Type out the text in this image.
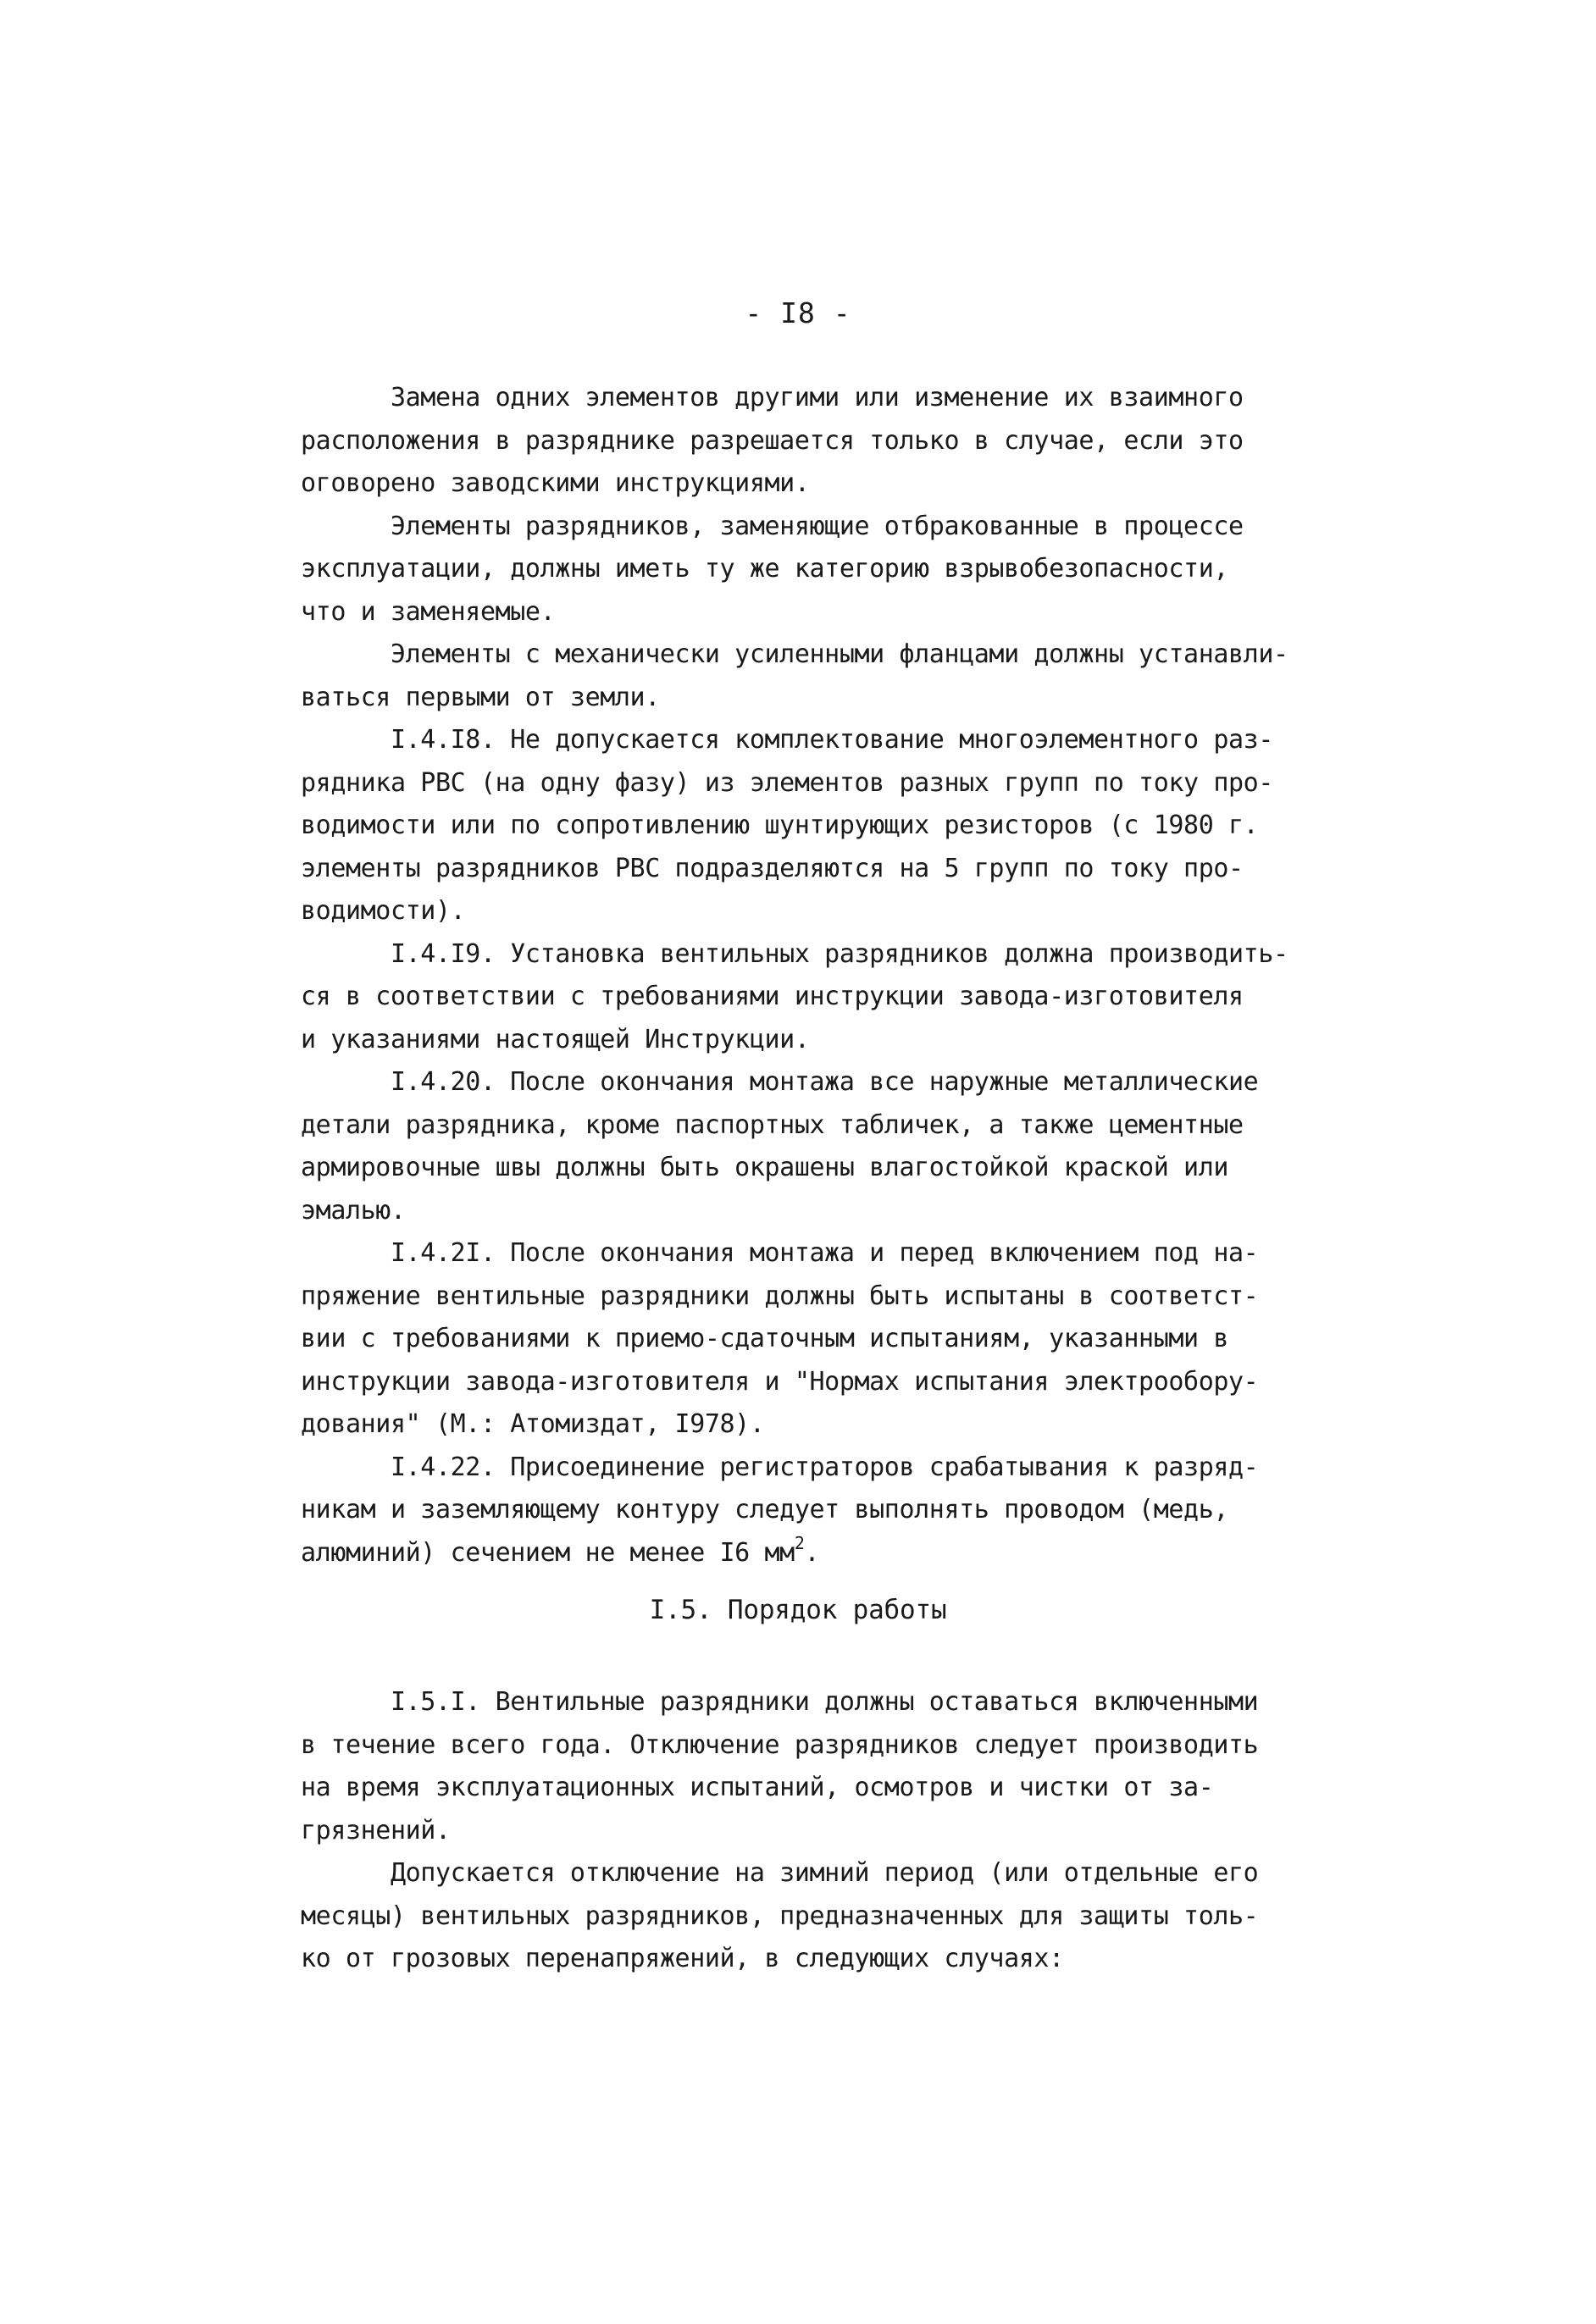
- I8 -
Замена одних элементов другими или изменение их взаимного
расположения в разряднике разрешается только в случае, если это
оговорено заводскими инструкциями.
Элементы разрядников, заменяющие отбракованные в процессе
эксплуатации, должны иметь ту же категорию взрывобезопасности,
что и заменяемые.
Элементы с механически усиленными фланцами должны устанавли-
ваться первыми от земли.
I.4.I8. Не допускается комплектование многоэлементного раз-
рядника РВС (на одну фазу) из элементов разных групп по току про-
водимости или по сопротивлению шунтирующих резисторов (с 1980 г.
элементы разрядников РВС подразделяются на 5 групп по току про-
водимости).
I.4.I9. Установка вентильных разрядников должна производить-
ся в соответствии с требованиями инструкции завода-изготовителя
и указаниями настоящей Инструкции.
I.4.20. После окончания монтажа все наружные металлические
детали разрядника, кроме паспортных табличек, а также цементные
армировочные швы должны быть окрашены влагостойкой краской или
эмалью.
I.4.2I. После окончания монтажа и перед включением под на-
пряжение вентильные разрядники должны быть испытаны в соответст-
вии с требованиями к приемо-сдаточным испытаниям, указанными в
инструкции завода-изготовителя и "Нормах испытания электрообору-
дования" (М.: Атомиздат, I978).
I.4.22. Присоединение регистраторов срабатывания к разряд-
никам и заземляющему контуру следует выполнять проводом (медь,
алюминий) сечением не менее I6 $мм^2$.
I.5. Порядок работы
I.5.I. Вентильные разрядники должны оставаться включенными
в течение всего года. Отключение разрядников следует производить
на время эксплуатационных испытаний, осмотров и чистки от за-
грязнений.
Допускается отключение на зимний период (или отдельные его
месяцы) вентильных разрядников, предназначенных для защиты толь-
ко от грозовых перенапряжений, в следующих случаях:
